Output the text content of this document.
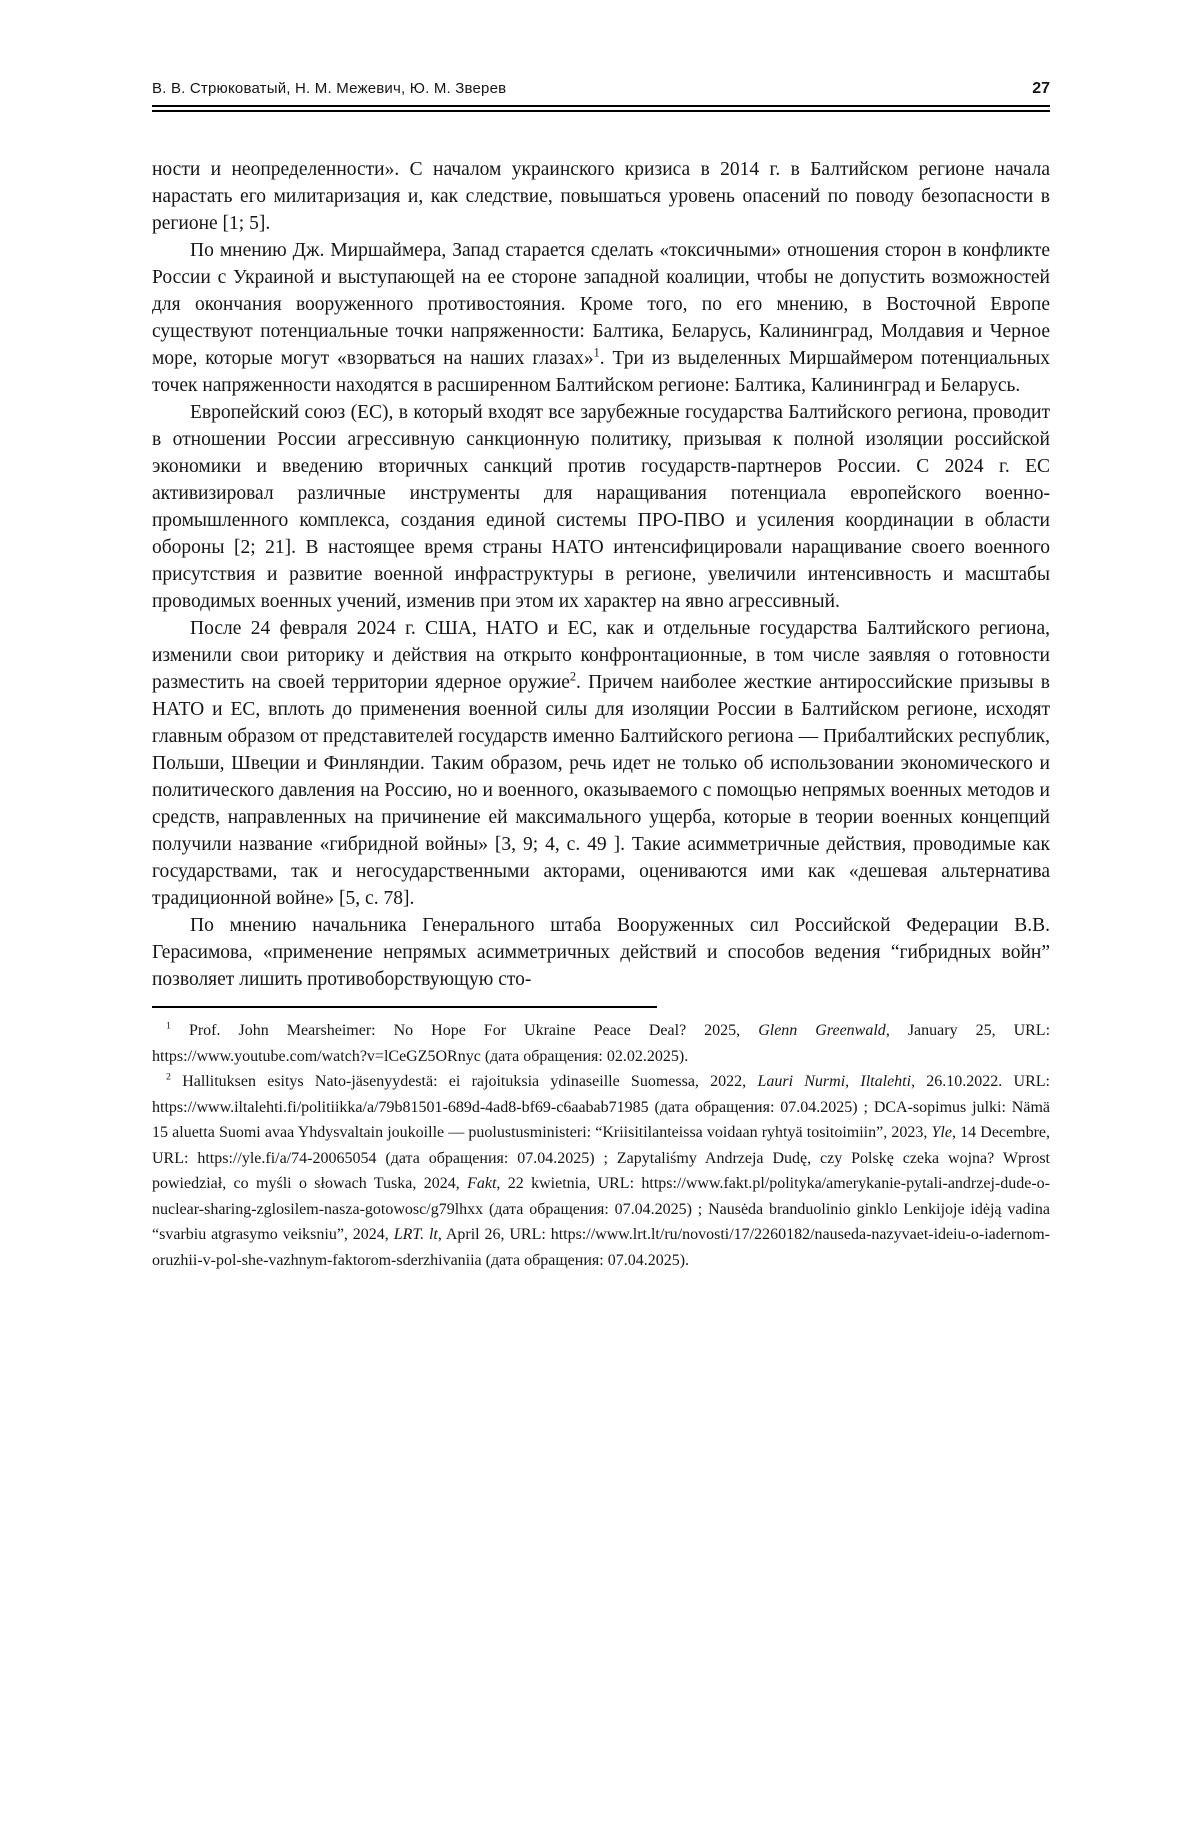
В. В. Стрюковатый, Н. М. Межевич, Ю. М. Зверев	27

ности и неопределенности». С началом украинского кризиса в 2014 г. в Балтийском регионе начала нарастать его милитаризация и, как следствие, повышаться уровень опасений по поводу безопасности в регионе [1; 5].

По мнению Дж. Миршаймера, Запад старается сделать «токсичными» отношения сторон в конфликте России с Украиной и выступающей на ее стороне западной коалиции, чтобы не допустить возможностей для окончания вооруженного противостояния. Кроме того, по его мнению, в Восточной Европе существуют потенциальные точки напряженности: Балтика, Беларусь, Калининград, Молдавия и Черное море, которые могут «взорваться на наших глазах»$^1$. Три из выделенных Миршаймером потенциальных точек напряженности находятся в расширенном Балтийском регионе: Балтика, Калининград и Беларусь.

Европейский союз (ЕС), в который входят все зарубежные государства Балтийского региона, проводит в отношении России агрессивную санкционную политику, призывая к полной изоляции российской экономики и введению вторичных санкций против государств-партнеров России. С 2024 г. ЕС активизировал различные инструменты для наращивания потенциала европейского военно-промышленного комплекса, создания единой системы ПРО-ПВО и усиления координации в области обороны [2; 21]. В настоящее время страны НАТО интенсифицировали наращивание своего военного присутствия и развитие военной инфраструктуры в регионе, увеличили интенсивность и масштабы проводимых военных учений, изменив при этом их характер на явно агрессивный.

После 24 февраля 2024 г. США, НАТО и ЕС, как и отдельные государства Балтийского региона, изменили свои риторику и действия на открыто конфронтационные, в том числе заявляя о готовности разместить на своей территории ядерное оружие$^2$. Причем наиболее жесткие антироссийские призывы в НАТО и ЕС, вплоть до применения военной силы для изоляции России в Балтийском регионе, исходят главным образом от представителей государств именно Балтийского региона — Прибалтийских республик, Польши, Швеции и Финляндии. Таким образом, речь идет не только об использовании экономического и политического давления на Россию, но и военного, оказываемого с помощью непрямых военных методов и средств, направленных на причинение ей максимального ущерба, которые в теории военных концепций получили название «гибридной войны» [3, 9; 4, с. 49 ]. Такие асимметричные действия, проводимые как государствами, так и негосударственными акторами, оцениваются ими как «дешевая альтернатива традиционной войне» [5, с. 78].

По мнению начальника Генерального штаба Вооруженных сил Российской Федерации В.В. Герасимова, «применение непрямых асимметричных действий и способов ведения “гибридных войн” позволяет лишить противоборствующую сто-

$^1$ Prof. John Mearsheimer: No Hope For Ukraine Peace Deal? 2025, Glenn Greenwald, January 25, URL: https://www.youtube.com/watch?v=lCeGZ5ORnyc (дата обращения: 02.02.2025).

$^2$ Hallituksen esitys Nato-jäsenyydestä: ei rajoituksia ydinaseille Suomessa, 2022, Lauri Nurmi, Iltalehti, 26.10.2022. URL: https://www.iltalehti.fi/politiikka/a/79b81501-689d-4ad8-bf69-c6aabab71985 (дата обращения: 07.04.2025) ; DCA-sopimus julki: Nämä 15 aluetta Suomi avaa Yhdysvaltain joukoille — puolustusministeri: “Kriisitilanteissa voidaan ryhtyä tositoimiin”, 2023, Yle, 14 Decembre, URL: https://yle.fi/a/74-20065054 (дата обращения: 07.04.2025) ; Zapytaliśmy Andrzeja Dudę, czy Polskę czeka wojna? Wprost powiedział, co myśli o słowach Tuska, 2024, Fakt, 22 kwietnia, URL: https://www.fakt.pl/polityka/amerykanie-pytali-andrzej-dude-o-nuclear-sharing-zglosilem-nasza-gotowosc/g79lhxx (дата обращения: 07.04.2025) ; Nausėda branduolinio ginklo Lenkijoje idėją vadina “svarbiu atgrasymo veiksniu”, 2024, LRT. lt, April 26, URL: https://www.lrt.lt/ru/novosti/17/2260182/nauseda-nazyvaet-ideiu-o-iadernom-oruzhii-v-pol-she-vazhnym-faktorom-sderzhivaniia (дата обращения: 07.04.2025).
